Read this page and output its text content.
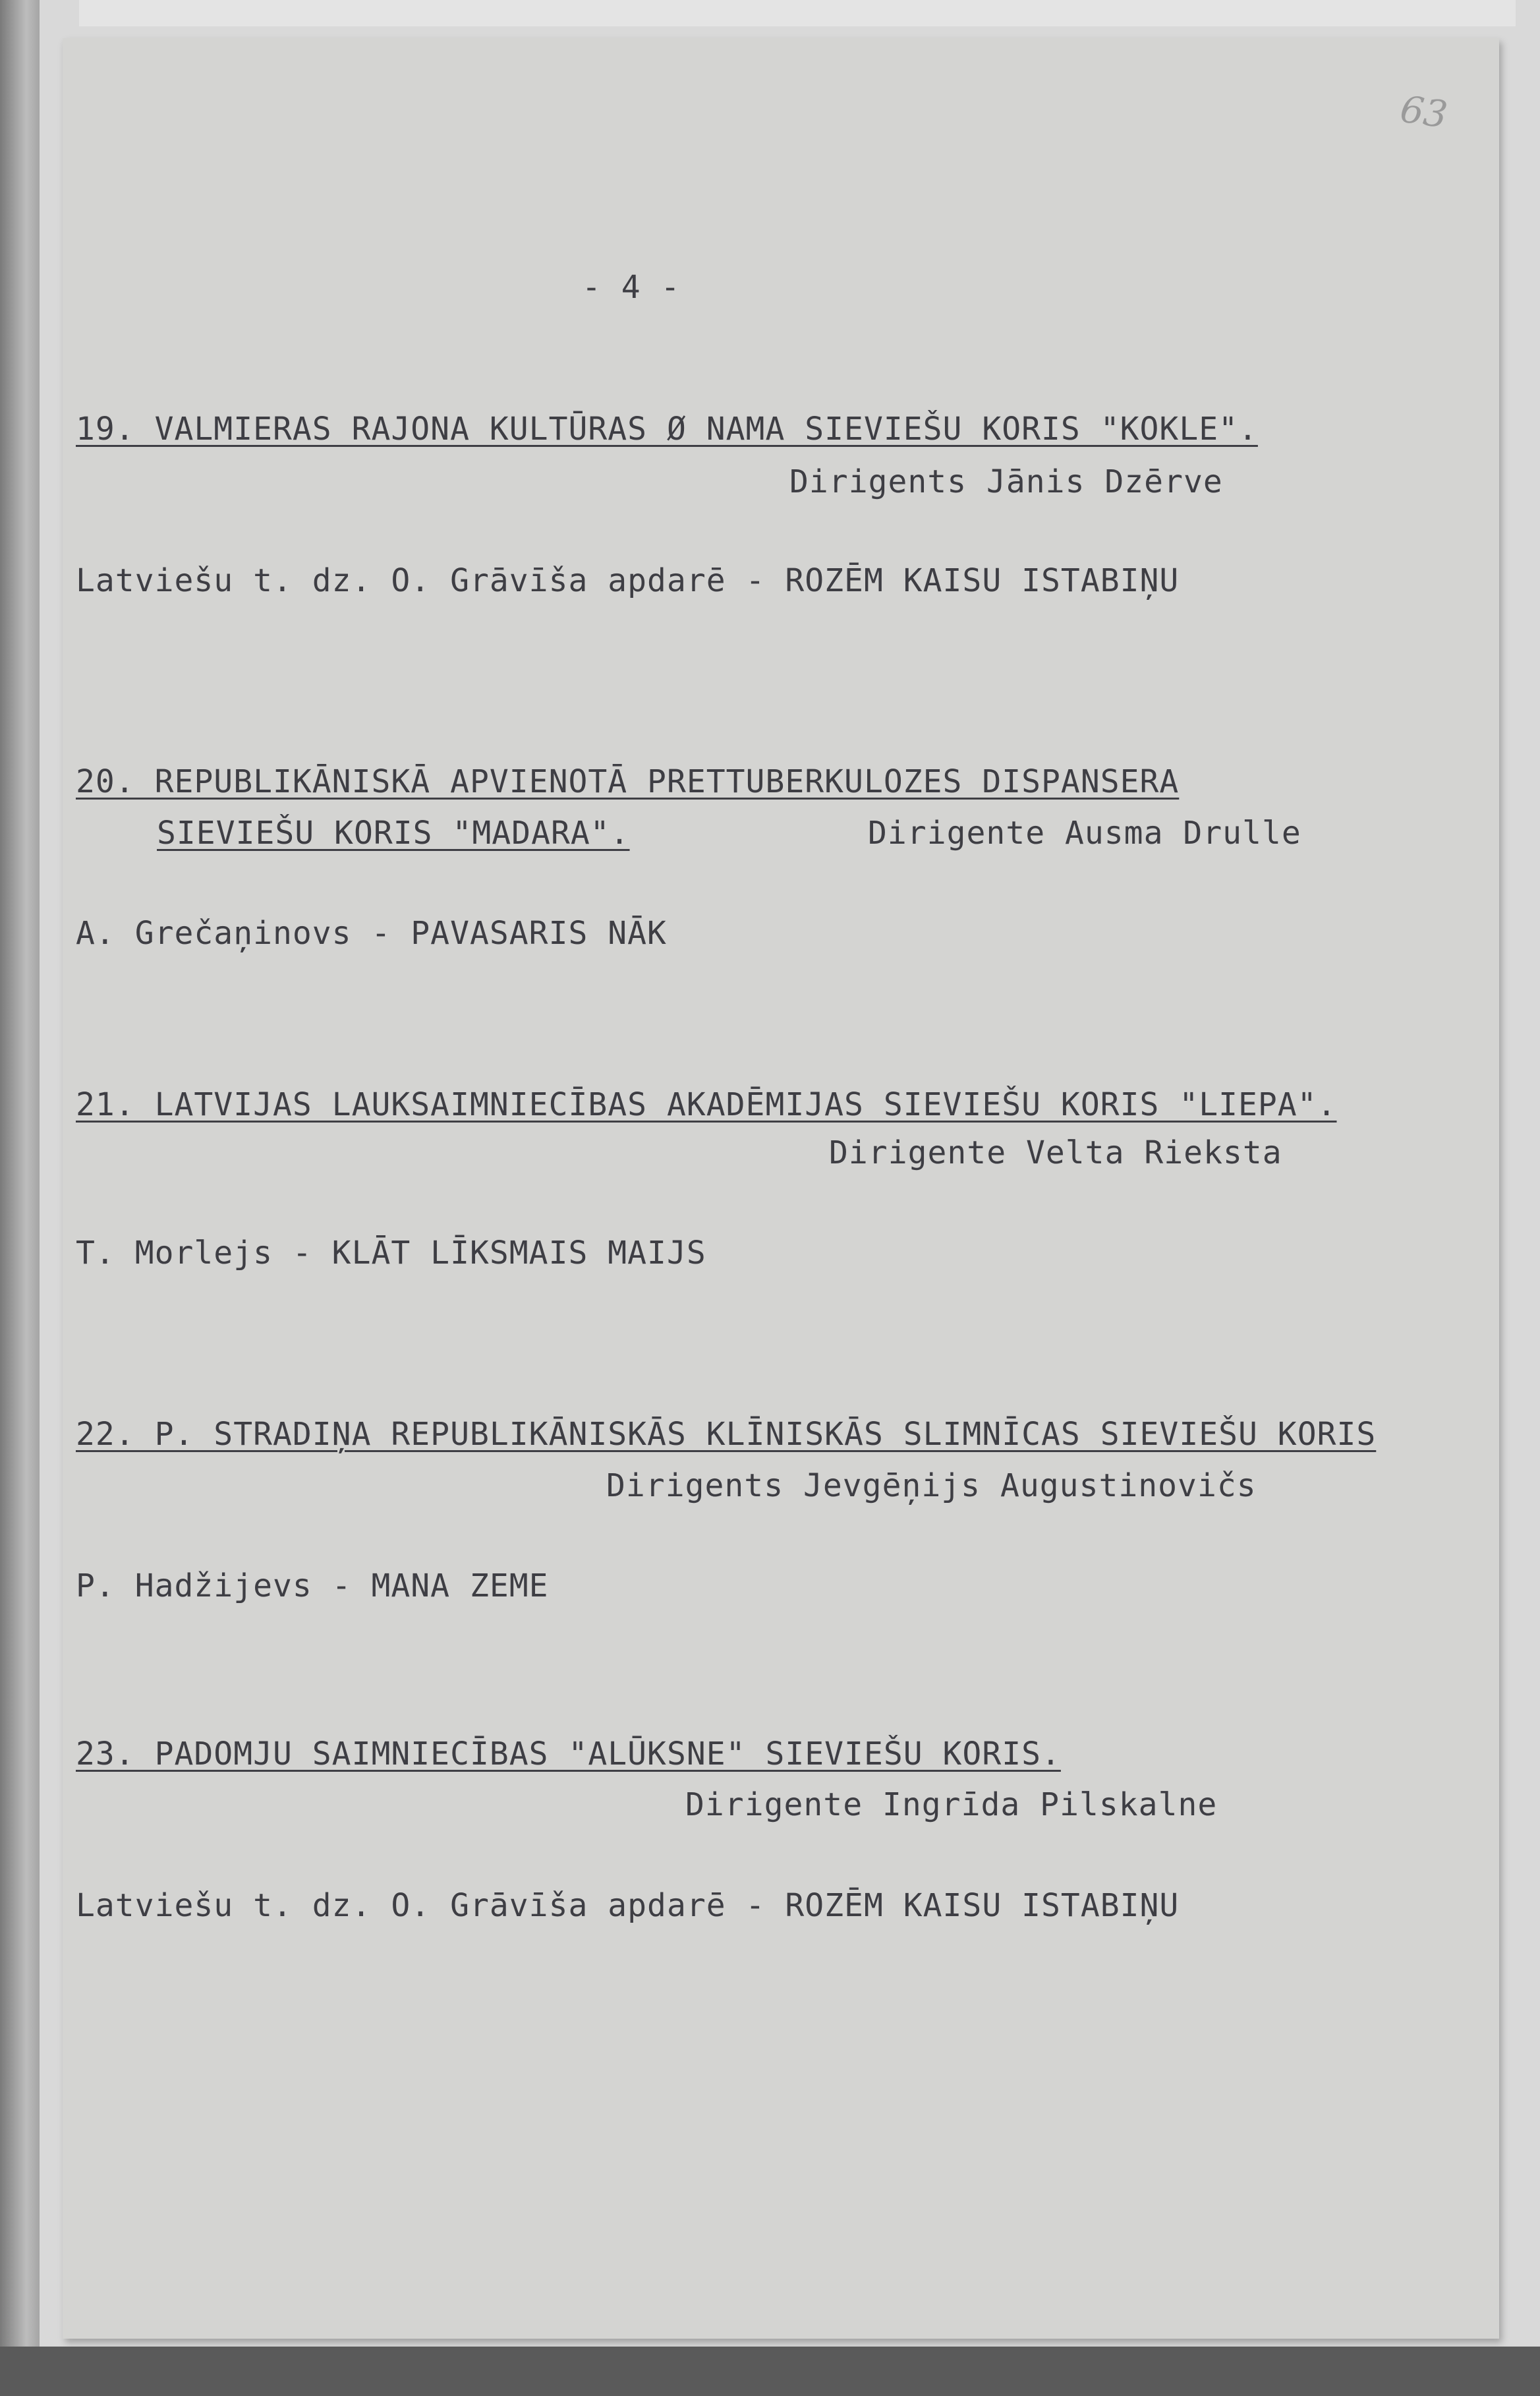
63
- 4 -
19. VALMIERAS RAJONA KULTŪRAS Ø NAMA SIEVIEŠU KORIS "KOKLE".
Dirigents Jānis Dzērve
Latviešu t. dz. O. Grāvīša apdarē - ROZĒM KAISU ISTABIŅU
20. REPUBLIKĀNISKĀ APVIENOTĀ PRETTUBERKULOZES DISPANSERA
SIEVIEŠU KORIS "MADARA".	Dirigente Ausma Drulle
A. Grečaņinovs - PAVASARIS NĀK
21. LATVIJAS LAUKSAIMNIECĪBAS AKADĒMIJAS SIEVIEŠU KORIS "LIEPA".
Dirigente Velta Rieksta
T. Morlejs - KLĀT LĪKSMAIS MAIJS
22. P. STRADIŅA REPUBLIKĀNISKĀS KLĪNISKĀS SLIMNĪCAS SIEVIEŠU KORIS
Dirigents Jevgēņijs Augustinovičs
P. Hadžijevs - MANA ZEME
23. PADOMJU SAIMNIECĪBAS "ALŪKSNE" SIEVIEŠU KORIS.
Dirigente Ingrīda Pilskalne
Latviešu t. dz. O. Grāvīša apdarē - ROZĒM KAISU ISTABIŅU
